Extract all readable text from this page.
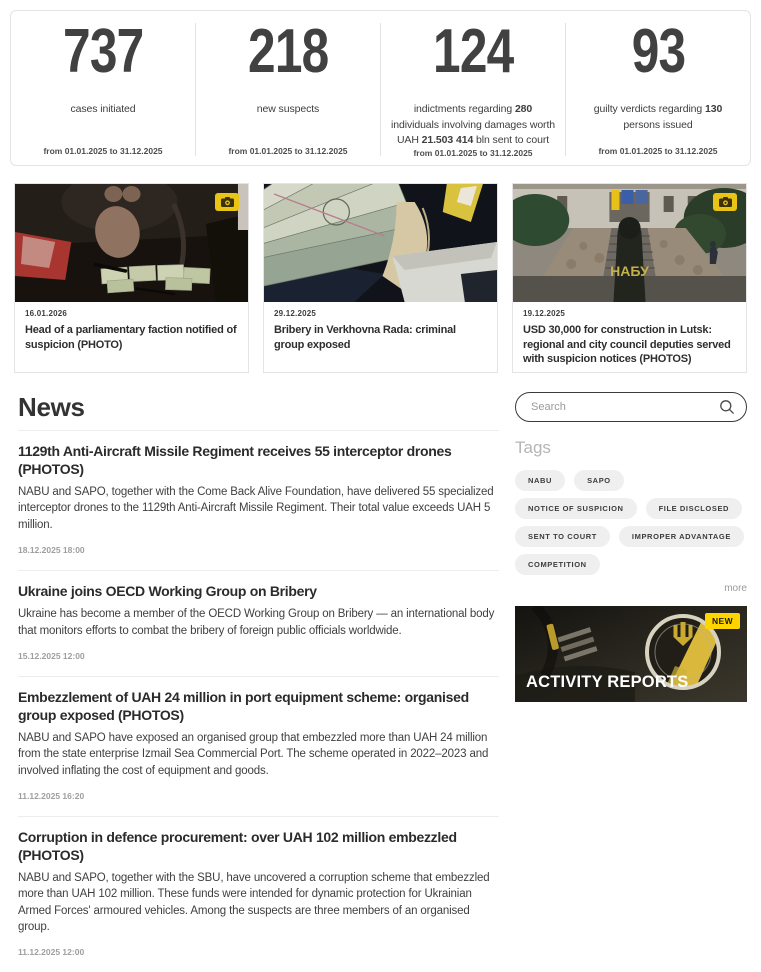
737
cases initiated
from 01.01.2025 to 31.12.2025
218
new suspects
from 01.01.2025 to 31.12.2025
124
indictments regarding 280 individuals involving damages worth UAH 21.503 414 bln sent to court
from 01.01.2025 to 31.12.2025
93
guilty verdicts regarding 130 persons issued
from 01.01.2025 to 31.12.2025
16.01.2026
Head of a parliamentary faction notified of suspicion (PHOTO)
29.12.2025
Bribery in Verkhovna Rada: criminal group exposed
НАБУ
19.12.2025
USD 30,000 for construction in Lutsk: regional and city council deputies served with suspicion notices (PHOTOS)
News
1129th Anti-Aircraft Missile Regiment receives 55 interceptor drones (PHOTOS)
NABU and SAPO, together with the Come Back Alive Foundation, have delivered 55 specialized interceptor drones to the 1129th Anti-Aircraft Missile Regiment. Their total value exceeds UAH 5 million.
18.12.2025 18:00
Ukraine joins OECD Working Group on Bribery
Ukraine has become a member of the OECD Working Group on Bribery — an international body that monitors efforts to combat the bribery of foreign public officials worldwide.
15.12.2025 12:00
Embezzlement of UAH 24 million in port equipment scheme: organised group exposed (PHOTOS)
NABU and SAPO have exposed an organised group that embezzled more than UAH 24 million from the state enterprise Izmail Sea Commercial Port. The scheme operated in 2022–2023 and involved inflating the cost of equipment and goods.
11.12.2025 16:20
Corruption in defence procurement: over UAH 102 million embezzled (PHOTOS)
NABU and SAPO, together with the SBU, have uncovered a corruption scheme that embezzled more than UAH 102 million. These funds were intended for dynamic protection for Ukrainian Armed Forces' armoured vehicles. Among the suspects are three members of an organised group.
11.12.2025 12:00
Search
Tags
NABU	SAPO
NOTICE OF SUSPICION	FILE DISCLOSED
SENT TO COURT	IMPROPER ADVANTAGE
COMPETITION
more
ACTIVITY REPORTS
NEW
